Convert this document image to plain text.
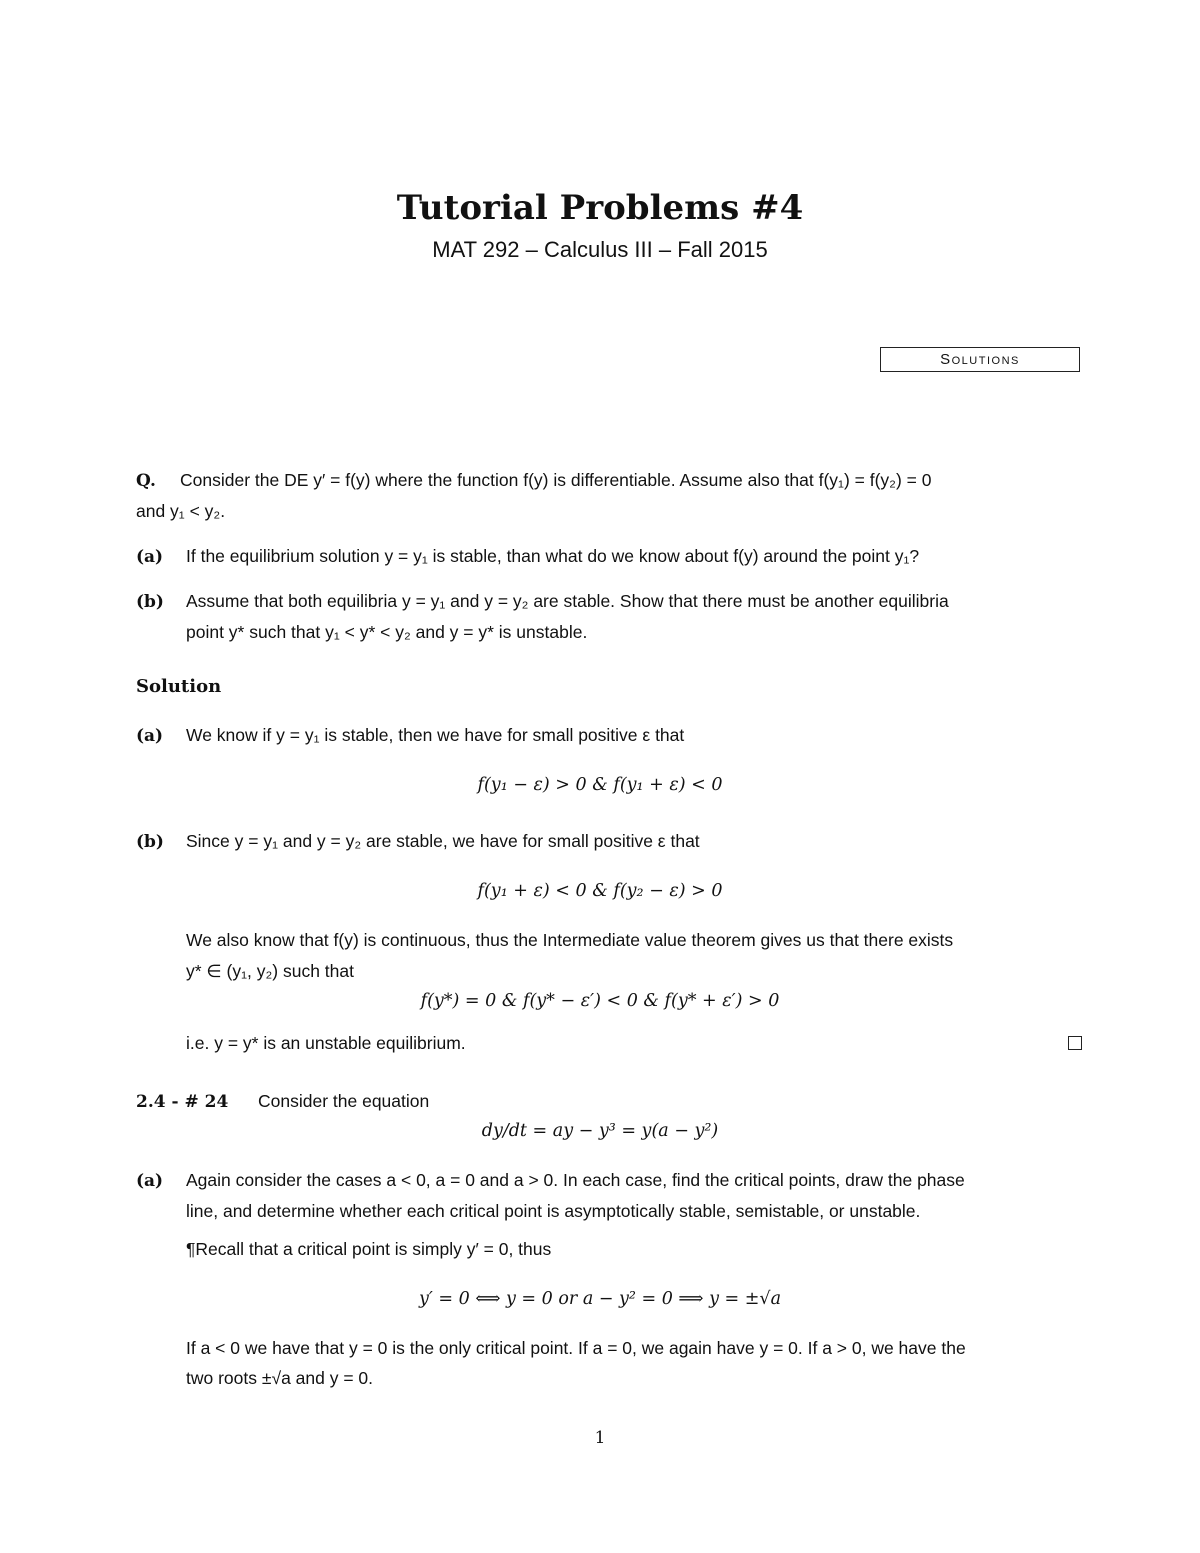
Tutorial Problems #4
MAT 292 – Calculus III – Fall 2015
Solutions
Q. Consider the DE y′ = f(y) where the function f(y) is differentiable. Assume also that f(y₁) = f(y₂) = 0
and y₁ < y₂.
(a) If the equilibrium solution y = y₁ is stable, than what do we know about f(y) around the point y₁?
(b) Assume that both equilibria y = y₁ and y = y₂ are stable. Show that there must be another equilibria
point y* such that y₁ < y* < y₂ and y = y* is unstable.
Solution
(a) We know if y = y₁ is stable, then we have for small positive ε that
f(y₁ − ε) > 0 & f(y₁ + ε) < 0
(b) Since y = y₁ and y = y₂ are stable, we have for small positive ε that
f(y₁ + ε) < 0 & f(y₂ − ε) > 0
We also know that f(y) is continuous, thus the Intermediate value theorem gives us that there exists
y* ∈ (y₁, y₂) such that
f(y*) = 0 & f(y* − ε′) < 0 & f(y* + ε′) > 0
i.e. y = y* is an unstable equilibrium.
2.4 - # 24 Consider the equation
dy/dt = ay − y³ = y(a − y²)
(a) Again consider the cases a < 0, a = 0 and a > 0. In each case, find the critical points, draw the phase
line, and determine whether each critical point is asymptotically stable, semistable, or unstable.
¶Recall that a critical point is simply y′ = 0, thus
y′ = 0 ⟺ y = 0 or a − y² = 0 ⟹ y = ±√a
If a < 0 we have that y = 0 is the only critical point. If a = 0, we again have y = 0. If a > 0, we have the
two roots ±√a and y = 0.
1
